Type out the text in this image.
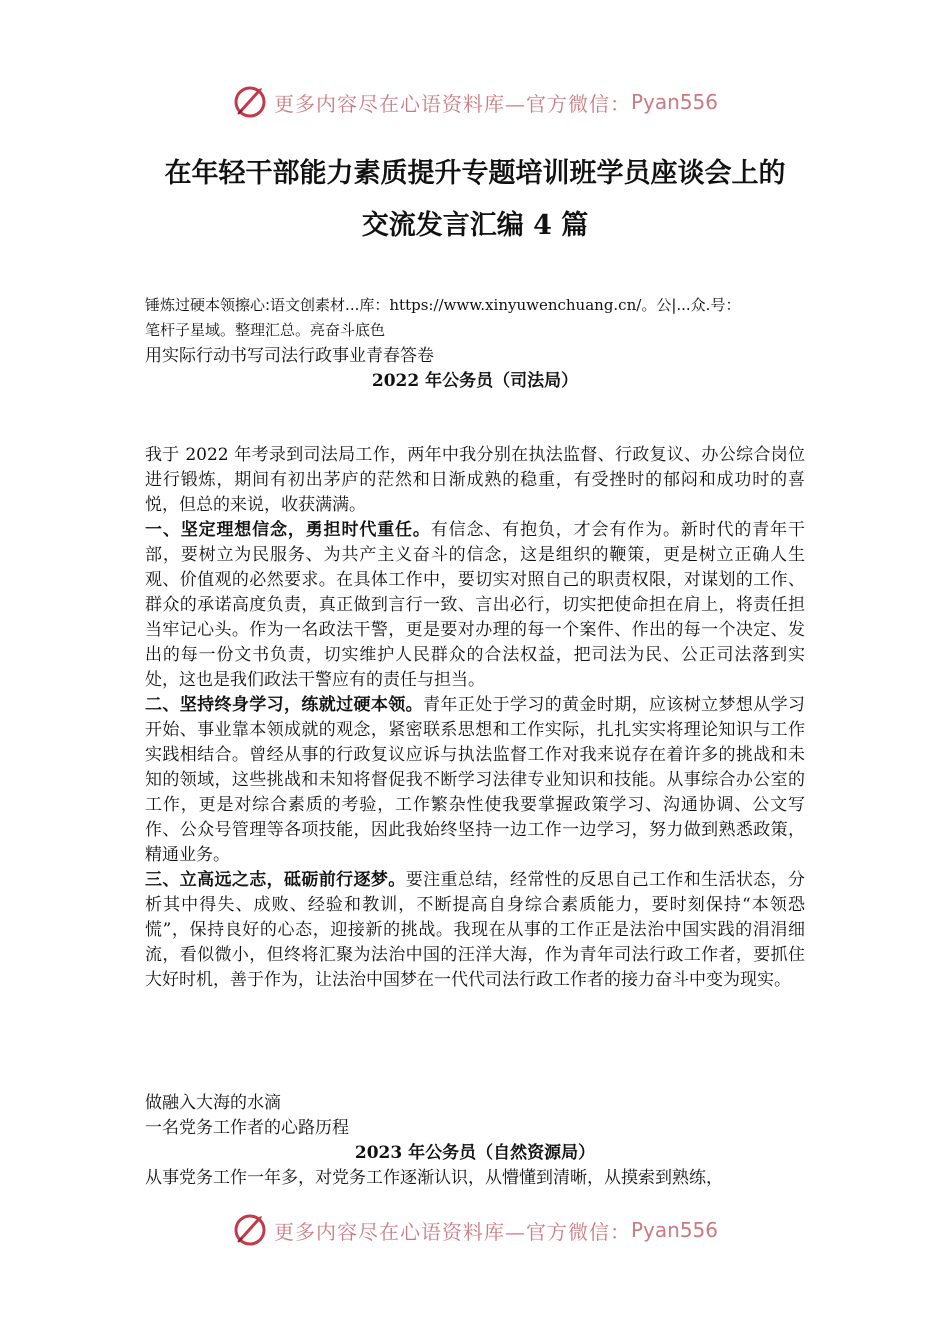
更多内容尽在心语资料库—官方微信： Pyan556
在年轻干部能力素质提升专题培训班学员座谈会上的
交流发言汇编 4 篇
锤炼过硬本领擦心:语文创素材...库：https://www.xinyuwenchuang.cn/。公|...众.号：
笔杆子星域。整理汇总。亮奋斗底色
用实际行动书写司法行政事业青春答卷
2022 年公务员（司法局）

我于 2022 年考录到司法局工作，两年中我分别在执法监督、行政复议、办公综合岗位进行锻炼，期间有初出茅庐的茫然和日渐成熟的稳重，有受挫时的郁闷和成功时的喜悦，但总的来说，收获满满。

一、坚定理想信念，勇担时代重任。有信念、有抱负，才会有作为。新时代的青年干部，要树立为民服务、为共产主义奋斗的信念，这是组织的鞭策，更是树立正确人生观、价值观的必然要求。在具体工作中，要切实对照自己的职责权限，对谋划的工作、群众的承诺高度负责，真正做到言行一致、言出必行，切实把使命担在肩上，将责任担当牢记心头。作为一名政法干警，更是要对办理的每一个案件、作出的每一个决定、发出的每一份文书负责，切实维护人民群众的合法权益，把司法为民、公正司法落到实处，这也是我们政法干警应有的责任与担当。

二、坚持终身学习，练就过硬本领。青年正处于学习的黄金时期，应该树立梦想从学习开始、事业靠本领成就的观念，紧密联系思想和工作实际，扎扎实实将理论知识与工作实践相结合。曾经从事的行政复议应诉与执法监督工作对我来说存在着许多的挑战和未知的领域，这些挑战和未知将督促我不断学习法律专业知识和技能。从事综合办公室的工作，更是对综合素质的考验，工作繁杂性使我要掌握政策学习、沟通协调、公文写作、公众号管理等各项技能，因此我始终坚持一边工作一边学习，努力做到熟悉政策，精通业务。

三、立高远之志，砥砺前行逐梦。要注重总结，经常性的反思自己工作和生活状态，分析其中得失、成败、经验和教训，不断提高自身综合素质能力，要时刻保持“本领恐慌”，保持良好的心态，迎接新的挑战。我现在从事的工作正是法治中国实践的涓涓细流，看似微小，但终将汇聚为法治中国的汪洋大海，作为青年司法行政工作者，要抓住大好时机，善于作为，让法治中国梦在一代代司法行政工作者的接力奋斗中变为现实。

做融入大海的水滴
一名党务工作者的心路历程
2023 年公务员（自然资源局）
从事党务工作一年多，对党务工作逐渐认识，从懵懂到清晰，从摸索到熟练，
更多内容尽在心语资料库—官方微信： Pyan556
